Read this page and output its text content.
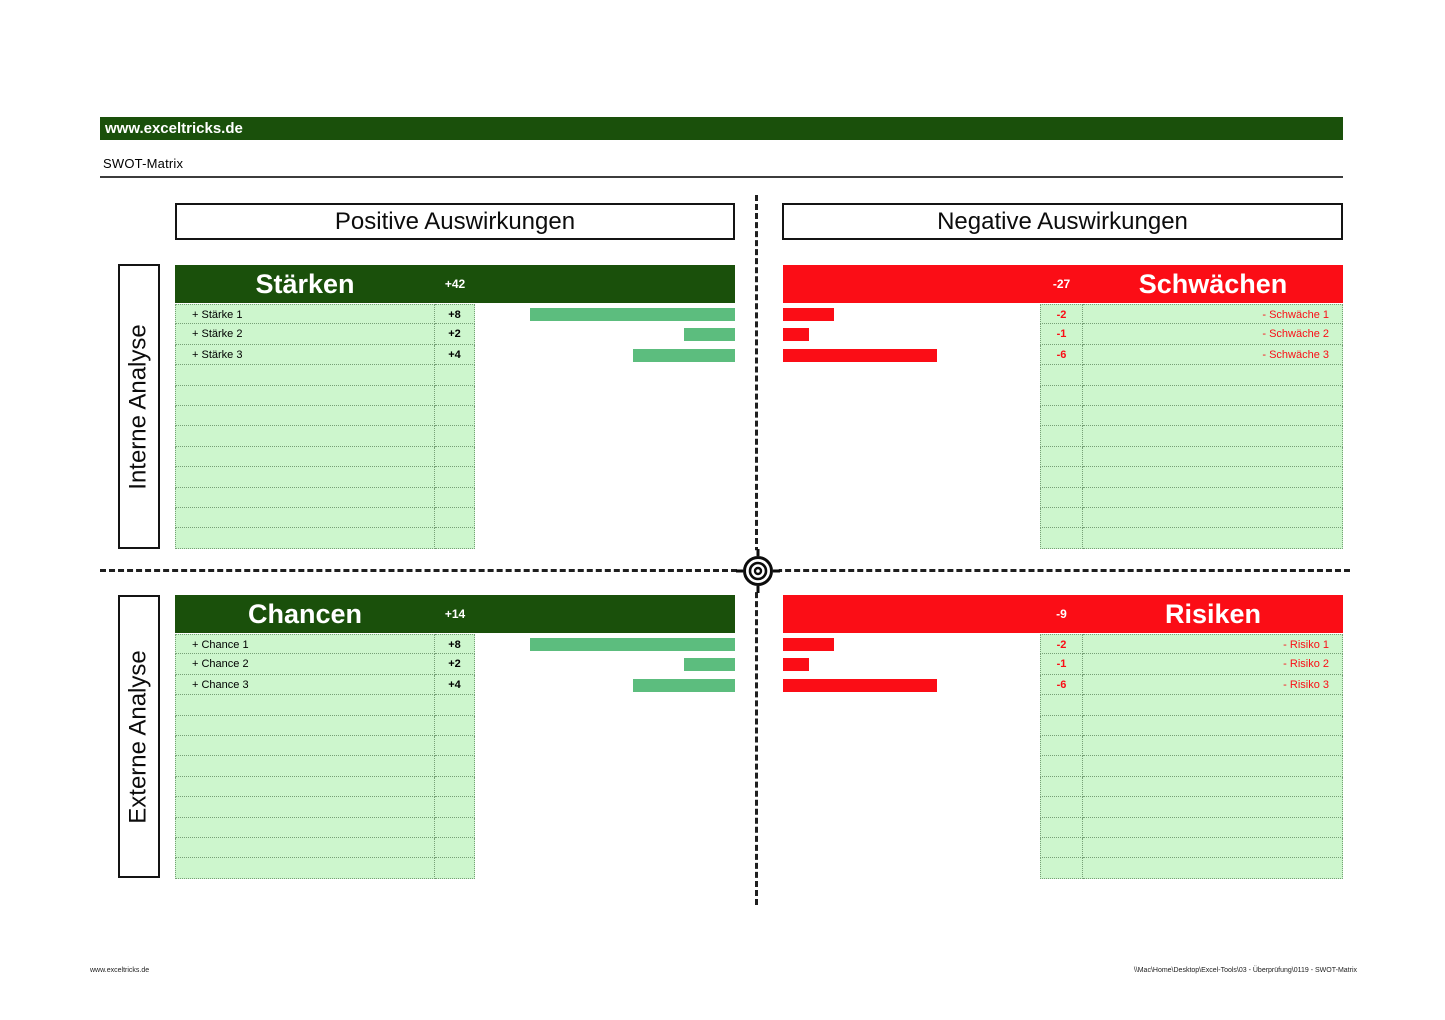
www.exceltricks.de
SWOT-Matrix
Positive Auswirkungen	Negative Auswirkungen
Interne Analyse
Externe Analyse
Stärken	+42	-27	Schwächen
Chancen	+14	-9	Risiken
+ Stärke 1	+8
+ Stärke 2	+2
+ Stärke 3	+4
-2	- Schwäche 1
-1	- Schwäche 2
-6	- Schwäche 3
+ Chance 1	+8
+ Chance 2	+2
+ Chance 3	+4
-2	- Risiko 1
-1	- Risiko 2
-6	- Risiko 3
www.exceltricks.de	\\Mac\Home\Desktop\Excel-Tools\03 - Überprüfung\0119 - SWOT-Matrix
